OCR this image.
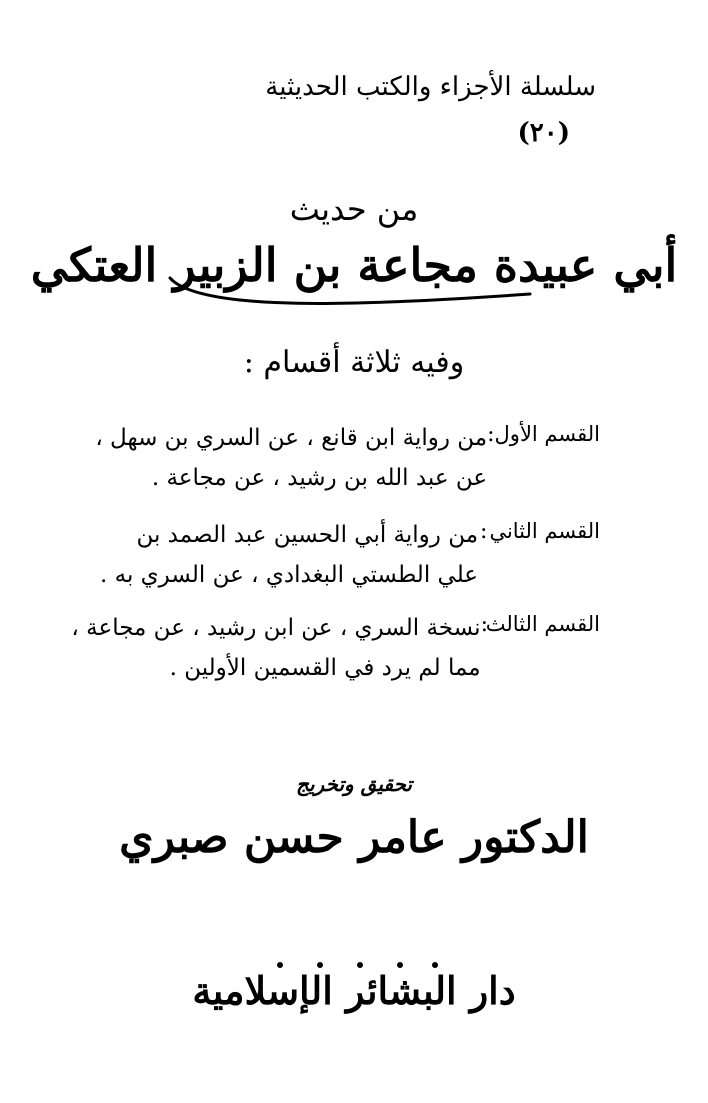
سلسلة الأجزاء والكتب الحديثية
(٢٠)
من حديث
أبي عبيدة مجاعة بن الزبير العتكي
وفيه ثلاثة أقسام :
القسم الأول
:
من رواية ابن قانع ، عن السري بن سهل ،
عن عبد الله بن رشيد ، عن مجاعة .
القسم الثاني
:
من رواية أبي الحسين عبد الصمد بن
علي الطستي البغدادي ، عن السري به .
القسم الثالث
:
نسخة السري ، عن ابن رشيد ، عن مجاعة ،
مما لم يرد في القسمين الأولين .
تحقيق وتخريج
الدكتور عامر حسن صبري
دار البشائر الإسلامية
